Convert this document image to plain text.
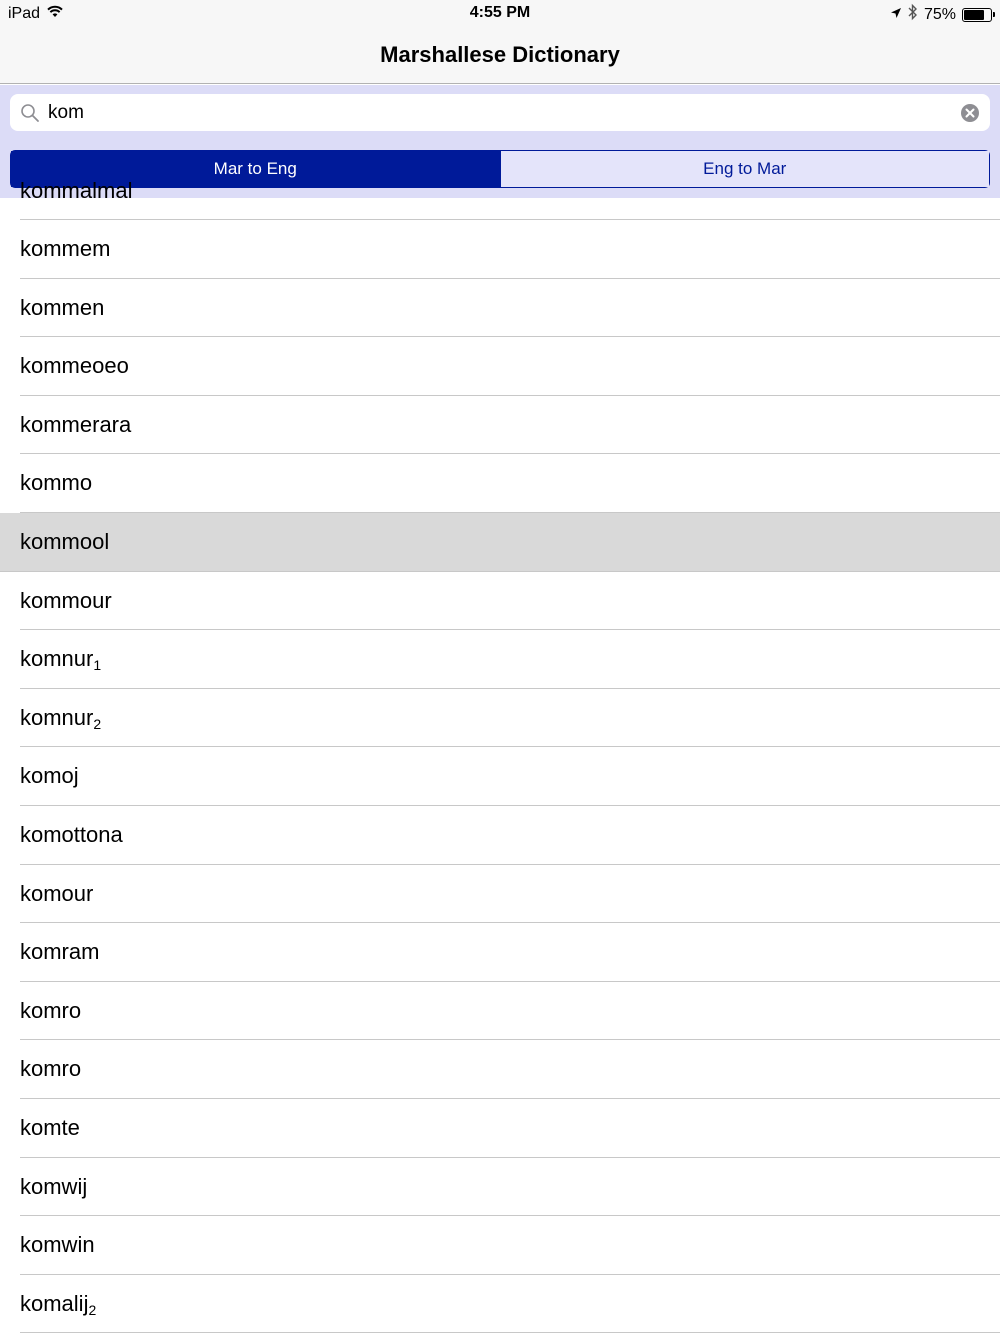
iPad	4:55 PM	75%
Marshallese Dictionary
kom
Mar to Eng	Eng to Mar
kommalmal
kommem
kommen
kommeoeo
kommerara
kommo
kommool
kommour
komnur1
komnur2
komoj
komottona
komour
komram
komro
komro
komte
komwij
komwin
komalij2
